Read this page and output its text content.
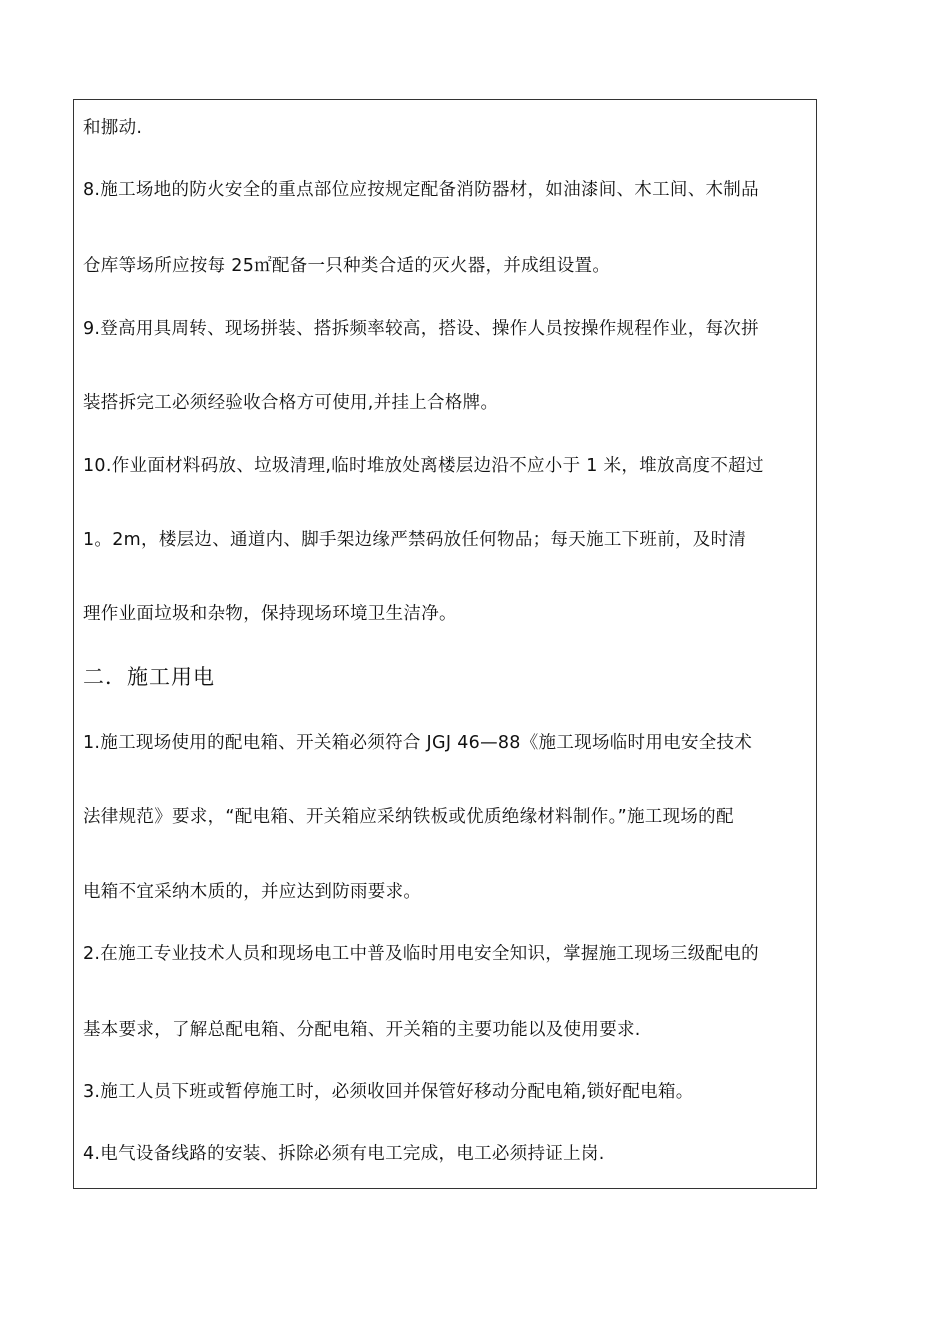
和挪动.
8.施工场地的防火安全的重点部位应按规定配备消防器材，如油漆间、木工间、木制品
仓库等场所应按每 25㎡配备一只种类合适的灭火器，并成组设置。
9.登高用具周转、现场拼装、搭拆频率较高，搭设、操作人员按操作规程作业，每次拼
装搭拆完工必须经验收合格方可使用,并挂上合格牌。
10.作业面材料码放、垃圾清理,临时堆放处离楼层边沿不应小于 1 米，堆放高度不超过
1。2m，楼层边、通道内、脚手架边缘严禁码放任何物品；每天施工下班前，及时清
理作业面垃圾和杂物，保持现场环境卫生洁净。
二．施工用电
1.施工现场使用的配电箱、开关箱必须符合 JGJ 46—88《施工现场临时用电安全技术
法律规范》要求，“配电箱、开关箱应采纳铁板或优质绝缘材料制作。”施工现场的配
电箱不宜采纳木质的，并应达到防雨要求。
2.在施工专业技术人员和现场电工中普及临时用电安全知识，掌握施工现场三级配电的
基本要求，了解总配电箱、分配电箱、开关箱的主要功能以及使用要求.
3.施工人员下班或暂停施工时，必须收回并保管好移动分配电箱,锁好配电箱。
4.电气设备线路的安装、拆除必须有电工完成，电工必须持证上岗.
